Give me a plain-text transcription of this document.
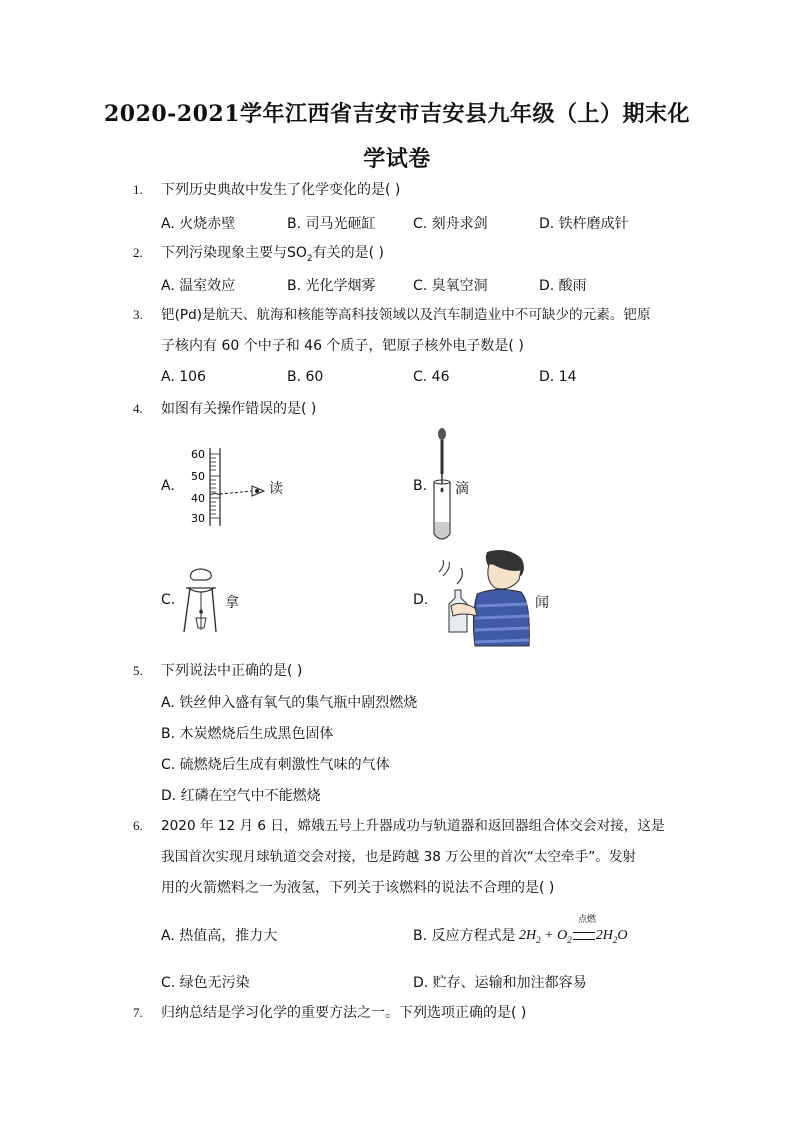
2020-2021学年江西省吉安市吉安县九年级（上）期末化
学试卷
1. 下列历史典故中发生了化学变化的是( )
A. 火烧赤壁	B. 司马光砸缸	C. 刻舟求剑	D. 铁杵磨成针
2. 下列污染现象主要与$SO_2$有关的是( )
A. 温室效应	B. 光化学烟雾	C. 臭氧空洞	D. 酸雨
3. 钯(Pd)是航天、航海和核能等高科技领域以及汽车制造业中不可缺少的元素。钯原
子核内有 60 个中子和 46 个质子，钯原子核外电子数是( )
A. 106	B. 60	C. 46	D. 14
4. 如图有关操作错误的是( )
A.
60
50
40
30
读	B. 滴
C.	拿	D.	闻
5. 下列说法中正确的是( )
A. 铁丝伸入盛有氧气的集气瓶中剧烈燃烧
B. 木炭燃烧后生成黑色固体
C. 硫燃烧后生成有刺激性气味的气体
D. 红磷在空气中不能燃烧
6. 2020 年 12 月 6 日，嫦娥五号上升器成功与轨道器和返回器组合体交会对接，这是
我国首次实现月球轨道交会对接，也是跨越 38 万公里的首次“太空牵手”。发射
用的火箭燃料之一为液氢，下列关于该燃料的说法不合理的是( )
A. 热值高，推力大	B. 反应方程式是
点燃
$2H_2 + O_2$ $2H_2O$
C. 绿色无污染	D. 贮存、运输和加注都容易
7. 归纳总结是学习化学的重要方法之一。下列选项正确的是( )
